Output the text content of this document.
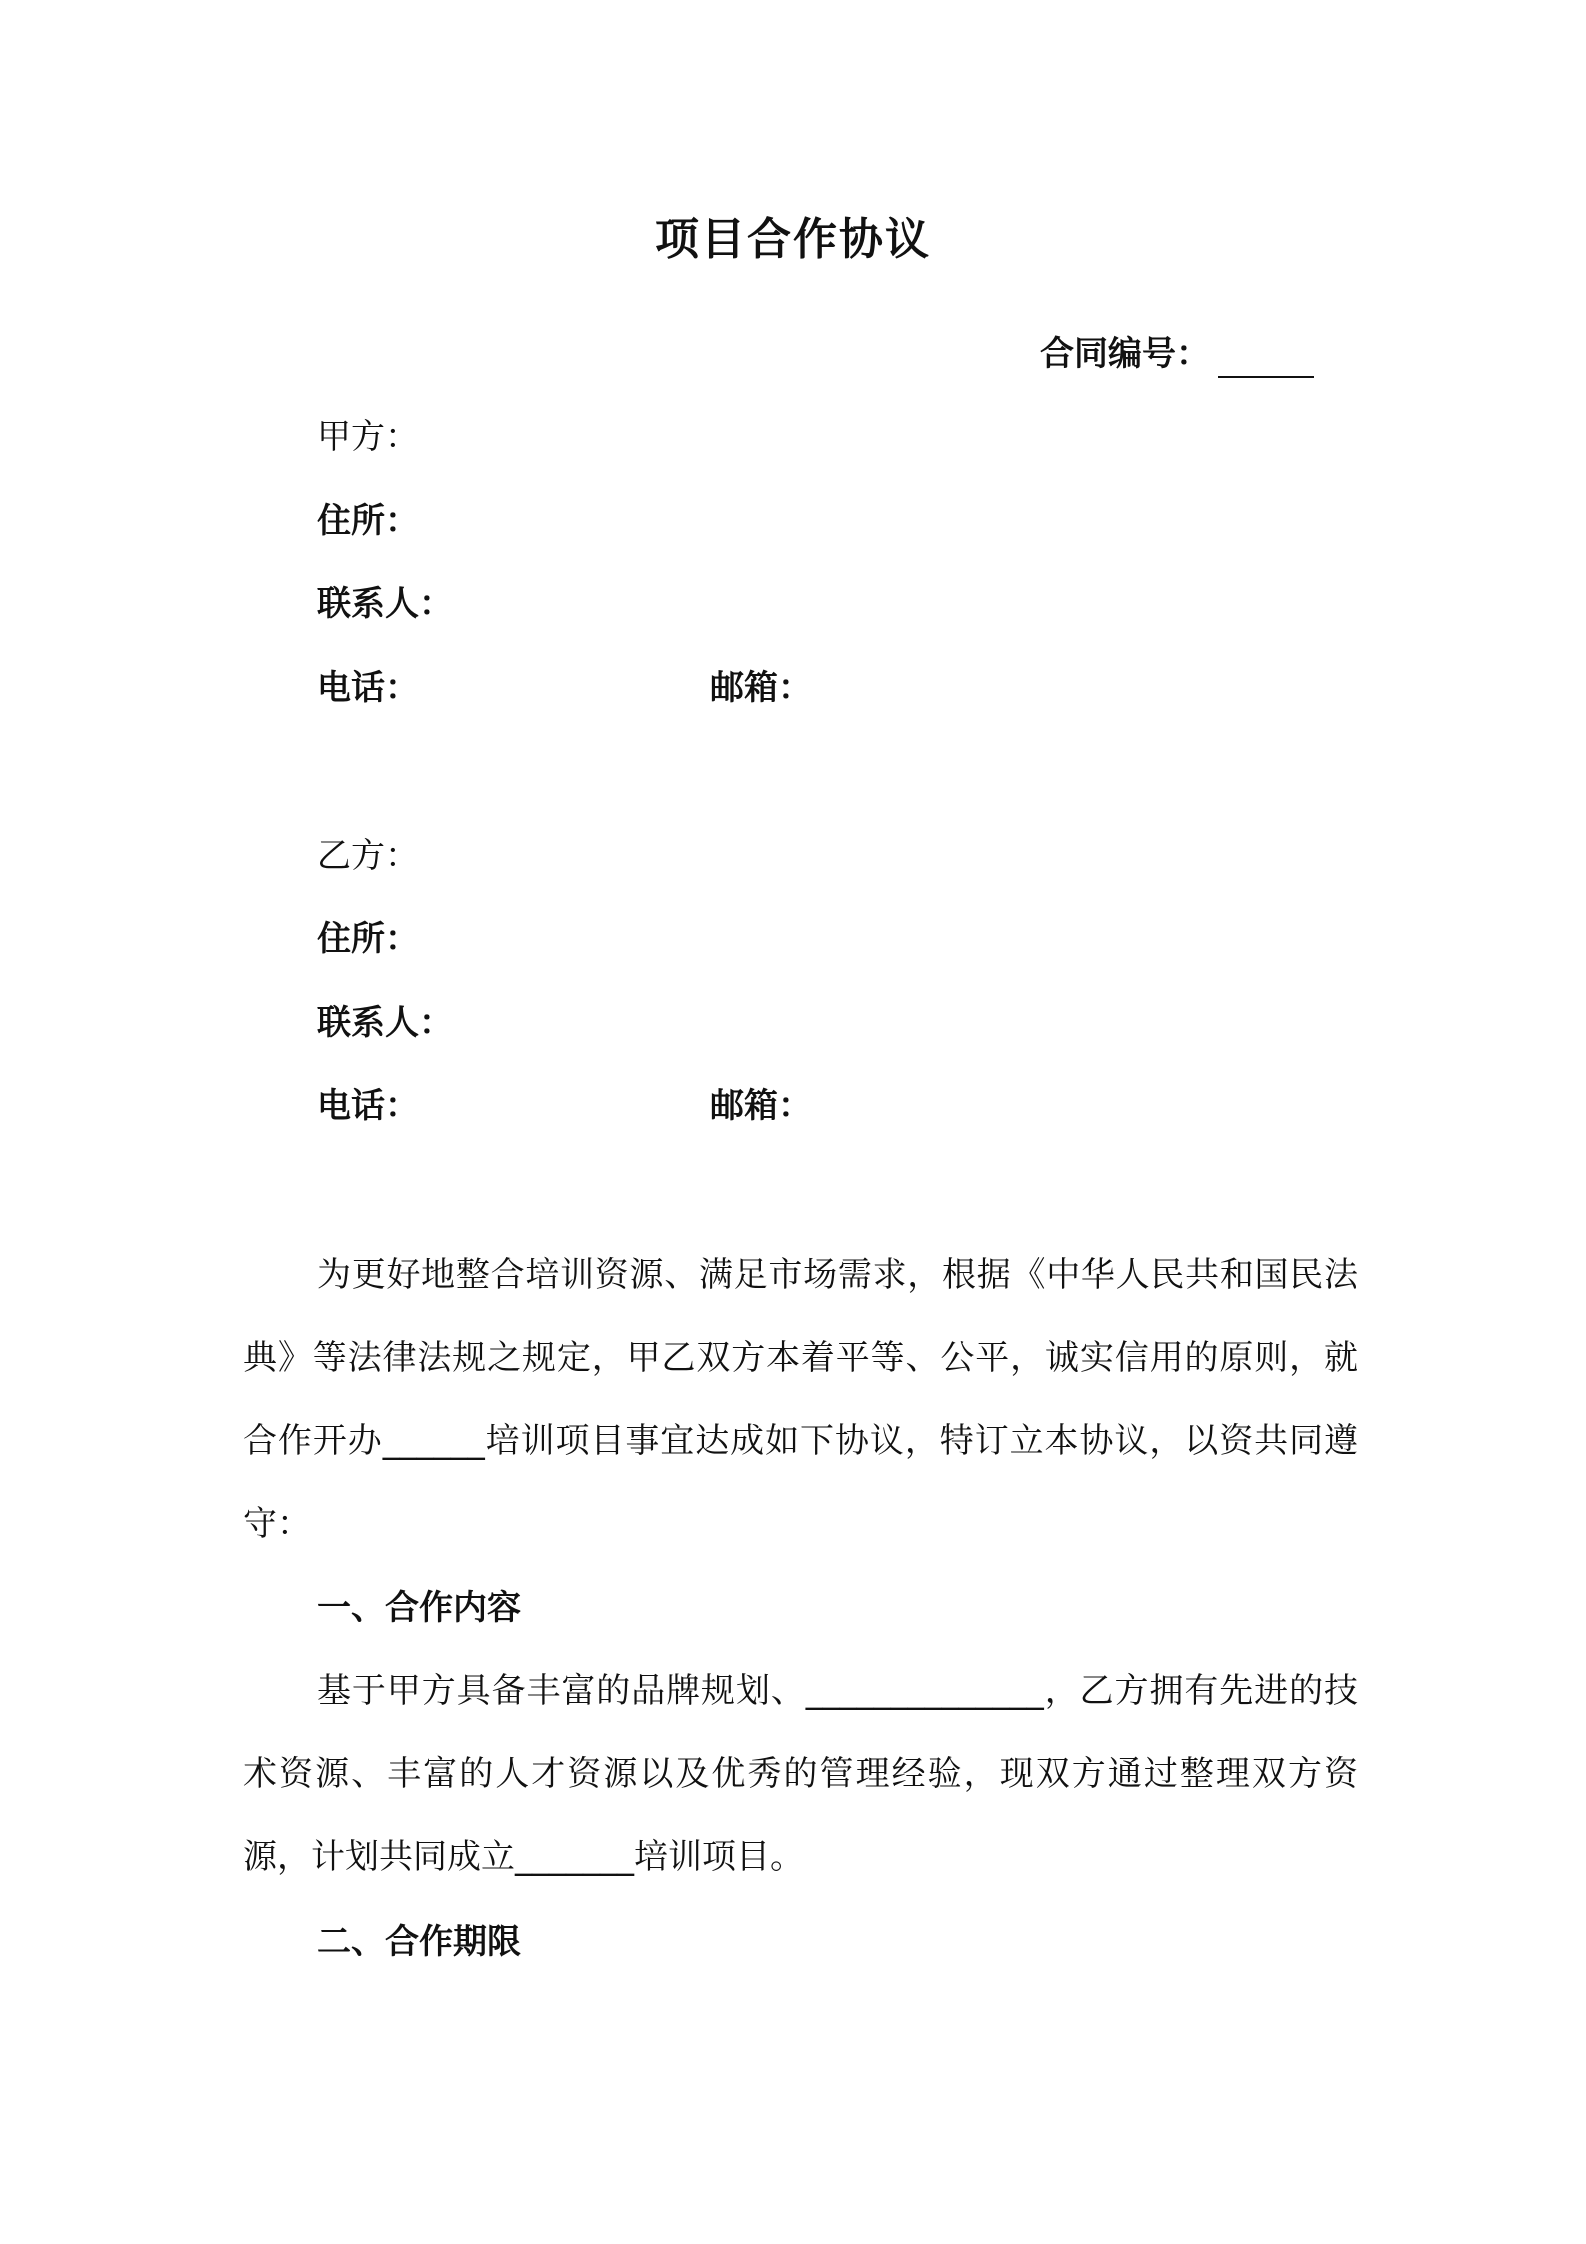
项目合作协议
合同编号：
甲方：
住所：
联系人：
电话：	邮箱：
乙方：
住所：
联系人：
电话：	邮箱：
为更好地整合培训资源、满足市场需求，根据《中华人民共和国民法典》等法律法规之规定，甲乙双方本着平等、公平，诚实信用的原则，就合作开办______培训项目事宜达成如下协议，特订立本协议，以资共同遵守：
一、合作内容
基于甲方具备丰富的品牌规划、______________，乙方拥有先进的技术资源、丰富的人才资源以及优秀的管理经验，现双方通过整理双方资源，计划共同成立_______培训项目。
二、合作期限
